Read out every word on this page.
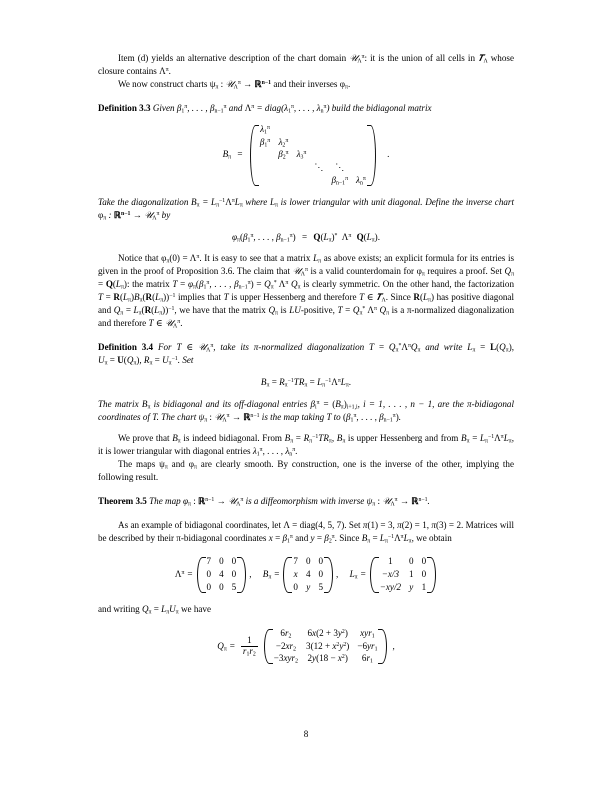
Item (d) yields an alternative description of the chart domain 𝒰$_\Lambda^\pi$: it is the union of all cells in 𝑻$_\Lambda$ whose closure contains $\Lambda^\pi$.

We now construct charts $\psi_\pi$ : 𝒰$_\Lambda^\pi$ → ℝ$^{n-1}$ and their inverses $\varphi_\pi$.

Definition 3.3 Given $\beta_1^\pi$, . . . , $\beta_{n-1}^\pi$ and $\Lambda^\pi$ = $diag(\lambda_1^\pi$, . . . , $\lambda_n^\pi$) build the bidiagonal matrix

$B_\pi$ =
$\lambda_1^\pi$					
$\beta_1^\pi$	$\lambda_2^\pi$				
	$\beta_2^\pi$	$\lambda_3^\pi$			
			⋱	⋱	
				$\beta_{n-1}^\pi$	$\lambda_n^\pi$
.

Take the diagonalization $B_\pi = L_\pi^{-1}\Lambda^\pi L_\pi$ where $L_\pi$ is lower triangular with unit diagonal. Define the inverse chart $\varphi_\pi$ : ℝ$^{n-1}$ → 𝒰$_\Lambda^\pi$ by

$\varphi_\pi(\beta_1^\pi$, . . . , $\beta_{n-1}^\pi) = Q(L_\pi)^*$ $\Lambda^\pi$ $Q(L_\pi)$.

Notice that $\varphi_\pi(0) = \Lambda^\pi$. It is easy to see that a matrix $L_\pi$ as above exists; an explicit formula for its entries is given in the proof of Proposition 3.6. The claim that 𝒰$_\Lambda^\pi$ is a valid counterdomain for $\varphi_\pi$ requires a proof. Set $Q_\pi = Q(L_\pi)$: the matrix $T = \varphi_\pi(\beta_1^\pi$, . . . , $\beta_{n-1}^\pi) = Q_\pi^*$ $\Lambda^\pi$ $Q_\pi$ is clearly symmetric. On the other hand, the factorization $T = R(L_\pi)B_\pi(R(L_\pi))^{-1}$ implies that T is upper Hessenberg and therefore T ∈ 𝑻$_\Lambda$. Since $R(L_\pi)$ has positive diagonal and $Q_\pi = L_\pi(R(L_\pi))^{-1}$, we have that the matrix $Q_\pi$ is LU-positive, $T = Q_\pi^*$ $\Lambda^\pi$ $Q_\pi$ is a π-normalized diagonalization and therefore T ∈ 𝒰$_\Lambda^\pi$.

Definition 3.4 For T ∈ 𝒰$_\Lambda^\pi$, take its π-normalized diagonalization $T = Q_\pi^*\Lambda^\pi Q_\pi$ and write $L_\pi = L(Q_\pi)$, $U_\pi = U(Q_\pi)$, $R_\pi = U_\pi^{-1}$. Set

$B_\pi = R_\pi^{-1}TR_\pi = L_\pi^{-1}\Lambda^\pi L_\pi$.

The matrix $B_\pi$ is bidiagonal and its off-diagonal entries $\beta_i^\pi = (B_\pi)_{i+1,i}$, i = 1, . . . , n − 1, are the π-bidiagonal coordinates of T. The chart $\psi_\pi$ : 𝒰$_\Lambda^\pi$ → ℝ$^{n-1}$ is the map taking T to ($\beta_1^\pi$, . . . , $\beta_{n-1}^\pi$).

We prove that $B_\pi$ is indeed bidiagonal. From $B_\pi = R_\pi^{-1}TR_\pi$, $B_\pi$ is upper Hessenberg and from $B_\pi = L_\pi^{-1}\Lambda^\pi L_\pi$, it is lower triangular with diagonal entries $\lambda_1^\pi$, . . . , $\lambda_n^\pi$.

The maps $\psi_\pi$ and $\varphi_\pi$ are clearly smooth. By construction, one is the inverse of the other, implying the following result.

Theorem 3.5 The map $\varphi_\pi$ : ℝ$^{n-1}$ → 𝒰$_\Lambda^\pi$ is a diffeomorphism with inverse $\psi_\pi$ : 𝒰$_\Lambda^\pi$ → ℝ$^{n-1}$.

As an example of bidiagonal coordinates, let Λ = diag(4, 5, 7). Set π(1) = 3, π(2) = 1, π(3) = 2. Matrices will be described by their π-bidiagonal coordinates $x = \beta_1^\pi$ and $y = \beta_2^\pi$. Since $B_\pi = L_\pi^{-1}\Lambda^\pi L_\pi$, we obtain

$\Lambda^\pi$ =
7	0	0
0	4	0
0	0	5
,
$B_\pi$ =
7	0	0
x	4	0
0	y	5
,
$L_\pi$ =
1	0	0
−x/3	1	0
−xy/2	y	1

and writing $Q_\pi = L_\pi U_\pi$ we have

$Q_\pi = \frac{1}{r_1r_2}$
$6r_2$	$6x(2 + 3y^2)$	xyr$_1$
$-2xr_2$	$3(12 + x^2y^2)$	$-6yr_1$
−3xyr$_2$	$2y(18 - x^2)$	$6r_1$
,
8
